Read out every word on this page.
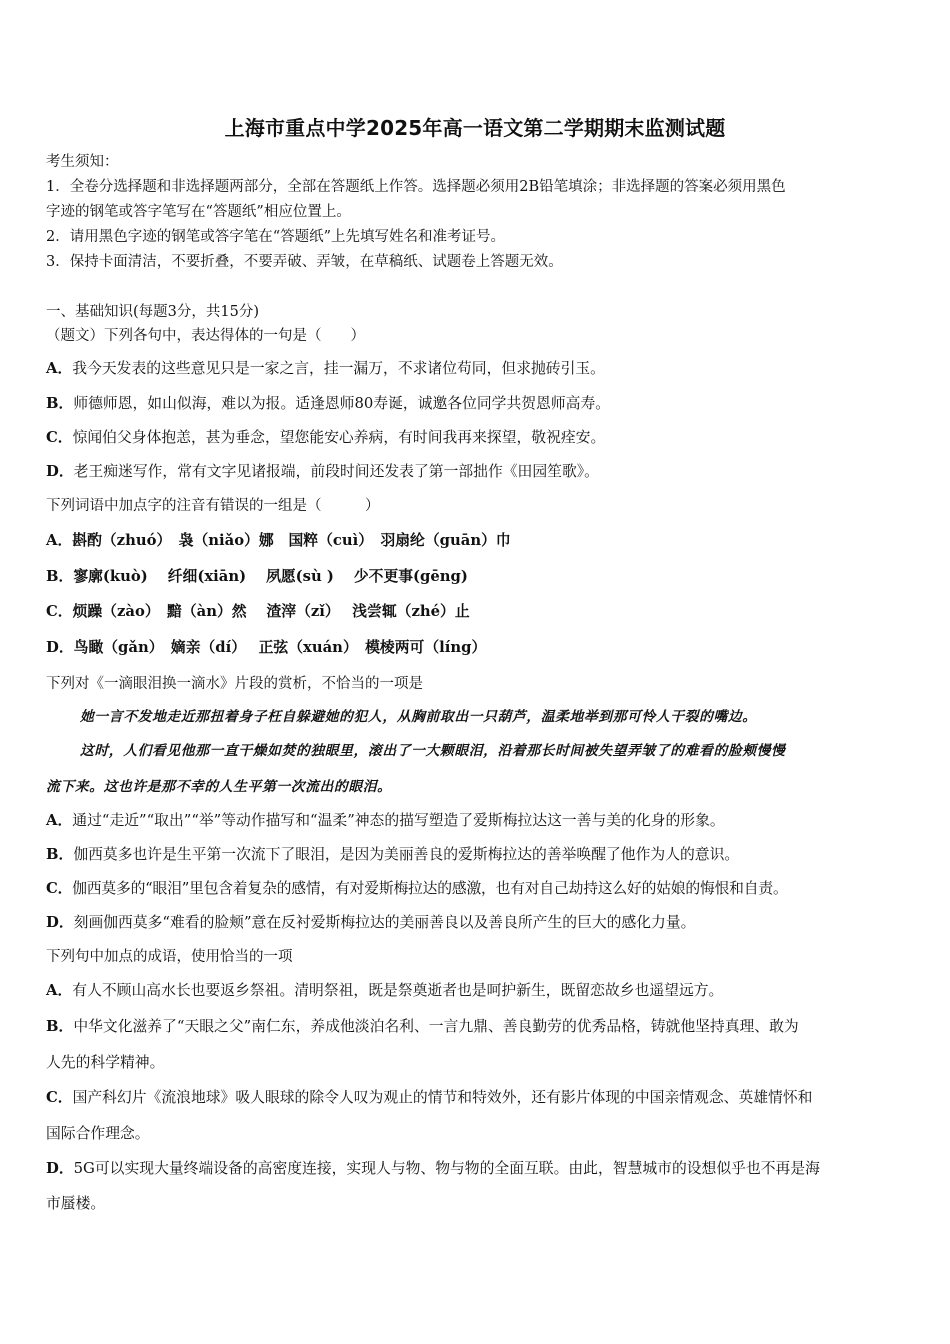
上海市重点中学2025年高一语文第二学期期末监测试题
考生须知：
1．全卷分选择题和非选择题两部分，全部在答题纸上作答。选择题必须用2B铅笔填涂；非选择题的答案必须用黑色
字迹的钢笔或答字笔写在“答题纸”相应位置上。
2．请用黑色字迹的钢笔或答字笔在“答题纸”上先填写姓名和准考证号。
3．保持卡面清洁，不要折叠，不要弄破、弄皱，在草稿纸、试题卷上答题无效。
一、基础知识(每题3分，共15分)
（题文）下列各句中，表达得体的一句是（　　）
A．我今天发表的这些意见只是一家之言，挂一漏万，不求诸位苟同，但求抛砖引玉。
B．师德师恩，如山似海，难以为报。适逢恩师80寿诞，诚邀各位同学共贺恩师高寿。
C．惊闻伯父身体抱恙，甚为垂念，望您能安心养病，有时间我再来探望，敬祝痊安。
D．老王痴迷写作，常有文字见诸报端，前段时间还发表了第一部拙作《田园笙歌》。
下列词语中加点字的注音有错误的一组是（　　　）
A．斟酌（zhuó）　袅（niǎo）娜　国粹（cuì）　羽扇纶（guān）巾
B．寥廓(kuò)　 纤细(xiān)　 夙愿(sù )　 少不更事(gēng)
C．烦躁（zào）　黯（àn）然　 渣滓（zǐ）　 浅尝辄（zhé）止
D．鸟瞰（gǎn）　嫡亲（dí）　 正弦（xuán）　模棱两可（líng）
下列对《一滴眼泪换一滴水》片段的赏析，不恰当的一项是
她一言不发地走近那扭着身子枉自躲避她的犯人，从胸前取出一只葫芦，温柔地举到那可怜人干裂的嘴边。
这时，人们看见他那一直干燥如焚的独眼里，滚出了一大颗眼泪，沿着那长时间被失望弄皱了的难看的脸颊慢慢
流下来。这也许是那不幸的人生平第一次流出的眼泪。
A．通过“走近”“取出”“举”等动作描写和“温柔”神态的描写塑造了爱斯梅拉达这一善与美的化身的形象。
B．伽西莫多也许是生平第一次流下了眼泪，是因为美丽善良的爱斯梅拉达的善举唤醒了他作为人的意识。
C．伽西莫多的“眼泪”里包含着复杂的感情，有对爱斯梅拉达的感激，也有对自己劫持这么好的姑娘的悔恨和自责。
D．刻画伽西莫多“难看的脸颊”意在反衬爱斯梅拉达的美丽善良以及善良所产生的巨大的感化力量。
下列句中加点的成语，使用恰当的一项
A．有人不顾山高水长也要返乡祭祖。清明祭祖，既是祭奠逝者也是呵护新生，既留恋故乡也遥望远方。
B．中华文化滋养了“天眼之父”南仁东，养成他淡泊名利、一言九鼎、善良勤劳的优秀品格，铸就他坚持真理、敢为
人先的科学精神。
C．国产科幻片《流浪地球》吸人眼球的除令人叹为观止的情节和特效外，还有影片体现的中国亲情观念、英雄情怀和
国际合作理念。
D．5G可以实现大量终端设备的高密度连接，实现人与物、物与物的全面互联。由此，智慧城市的设想似乎也不再是海
市蜃楼。
